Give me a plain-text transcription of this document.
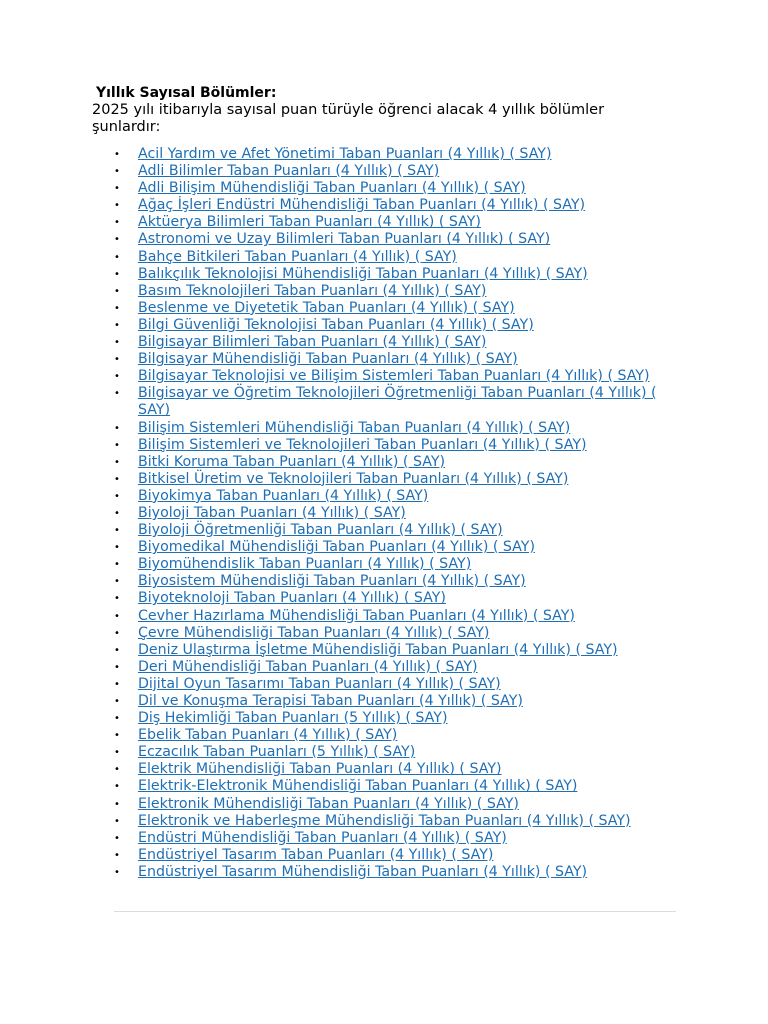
Yıllık Sayısal Bölümler:

2025 yılı itibarıyla sayısal puan türüyle öğrenci alacak 4 yıllık bölümler şunlardır:

• Acil Yardım ve Afet Yönetimi Taban Puanları (4 Yıllık) ( SAY)
• Adli Bilimler Taban Puanları (4 Yıllık) ( SAY)
• Adli Bilişim Mühendisliği Taban Puanları (4 Yıllık) ( SAY)
• Ağaç İşleri Endüstri Mühendisliği Taban Puanları (4 Yıllık) ( SAY)
• Aktüerya Bilimleri Taban Puanları (4 Yıllık) ( SAY)
• Astronomi ve Uzay Bilimleri Taban Puanları (4 Yıllık) ( SAY)
• Bahçe Bitkileri Taban Puanları (4 Yıllık) ( SAY)
• Balıkçılık Teknolojisi Mühendisliği Taban Puanları (4 Yıllık) ( SAY)
• Basım Teknolojileri Taban Puanları (4 Yıllık) ( SAY)
• Beslenme ve Diyetetik Taban Puanları (4 Yıllık) ( SAY)
• Bilgi Güvenliği Teknolojisi Taban Puanları (4 Yıllık) ( SAY)
• Bilgisayar Bilimleri Taban Puanları (4 Yıllık) ( SAY)
• Bilgisayar Mühendisliği Taban Puanları (4 Yıllık) ( SAY)
• Bilgisayar Teknolojisi ve Bilişim Sistemleri Taban Puanları (4 Yıllık) ( SAY)
• Bilgisayar ve Öğretim Teknolojileri Öğretmenliği Taban Puanları (4 Yıllık) ( SAY)
• Bilişim Sistemleri Mühendisliği Taban Puanları (4 Yıllık) ( SAY)
• Bilişim Sistemleri ve Teknolojileri Taban Puanları (4 Yıllık) ( SAY)
• Bitki Koruma Taban Puanları (4 Yıllık) ( SAY)
• Bitkisel Üretim ve Teknolojileri Taban Puanları (4 Yıllık) ( SAY)
• Biyokimya Taban Puanları (4 Yıllık) ( SAY)
• Biyoloji Taban Puanları (4 Yıllık) ( SAY)
• Biyoloji Öğretmenliği Taban Puanları (4 Yıllık) ( SAY)
• Biyomedikal Mühendisliği Taban Puanları (4 Yıllık) ( SAY)
• Biyomühendislik Taban Puanları (4 Yıllık) ( SAY)
• Biyosistem Mühendisliği Taban Puanları (4 Yıllık) ( SAY)
• Biyoteknoloji Taban Puanları (4 Yıllık) ( SAY)
• Cevher Hazırlama Mühendisliği Taban Puanları (4 Yıllık) ( SAY)
• Çevre Mühendisliği Taban Puanları (4 Yıllık) ( SAY)
• Deniz Ulaştırma İşletme Mühendisliği Taban Puanları (4 Yıllık) ( SAY)
• Deri Mühendisliği Taban Puanları (4 Yıllık) ( SAY)
• Dijital Oyun Tasarımı Taban Puanları (4 Yıllık) ( SAY)
• Dil ve Konuşma Terapisi Taban Puanları (4 Yıllık) ( SAY)
• Diş Hekimliği Taban Puanları (5 Yıllık) ( SAY)
• Ebelik Taban Puanları (4 Yıllık) ( SAY)
• Eczacılık Taban Puanları (5 Yıllık) ( SAY)
• Elektrik Mühendisliği Taban Puanları (4 Yıllık) ( SAY)
• Elektrik-Elektronik Mühendisliği Taban Puanları (4 Yıllık) ( SAY)
• Elektronik Mühendisliği Taban Puanları (4 Yıllık) ( SAY)
• Elektronik ve Haberleşme Mühendisliği Taban Puanları (4 Yıllık) ( SAY)
• Endüstri Mühendisliği Taban Puanları (4 Yıllık) ( SAY)
• Endüstriyel Tasarım Taban Puanları (4 Yıllık) ( SAY)
• Endüstriyel Tasarım Mühendisliği Taban Puanları (4 Yıllık) ( SAY)
